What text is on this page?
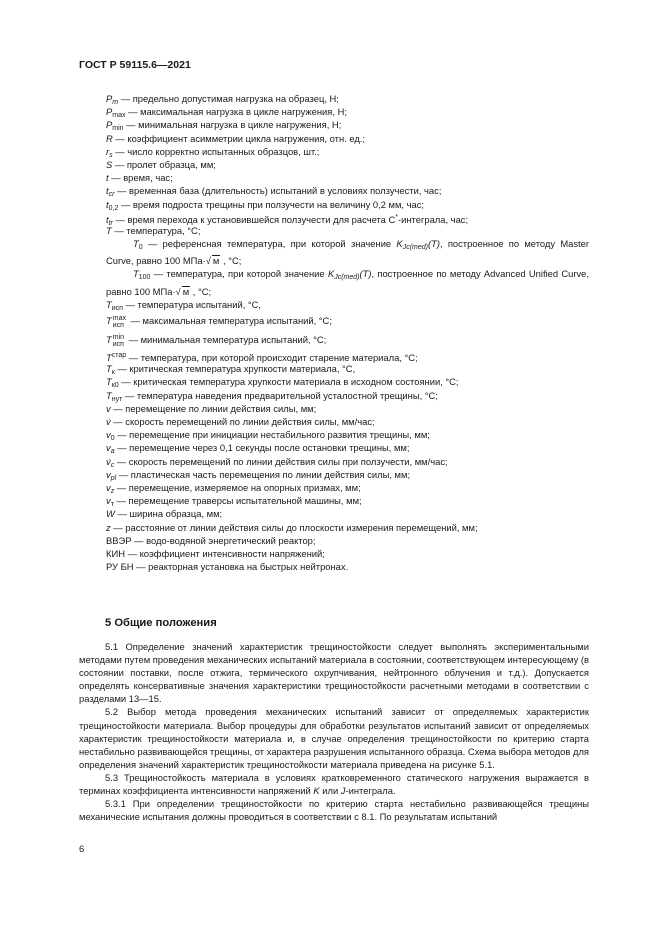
ГОСТ Р 59115.6—2021
$P_m$ — предельно допустимая нагрузка на образец, Н;
$P_{max}$ — максимальная нагрузка в цикле нагружения, Н;
$P_{min}$ — минимальная нагрузка в цикле нагружения, Н;
R — коэффициент асимметрии цикла нагружения, отн. ед.;
$r_s$ — число корректно испытанных образцов, шт.;
S — пролет образца, мм;
t — время, час;
$t_{cr}$ — временная база (длительность) испытаний в условиях ползучести, час;
$t_{0,2}$ — время подроста трещины при ползучести на величину 0,2 мм, час;
$t_{tr}$ — время перехода к установившейся ползучести для расчета С*-интеграла, час;
T — температура, °С;
$T_0$ — референсная температура, при которой значение $K_{Jc(med)}(T)$, построенное по методу Master Curve, равно 100 МПа·√ м , °С;
$T_{100}$ — температура, при которой значение $K_{Jc(med)}(T)$, построенное по методу Advanced Unified Curve, равно 100 МПа·√ м , °С;
$T_{исп}$ — температура испытаний, °С,
T max
исп — максимальная температура испытаний, °С;
T min
исп — минимальная температура испытаний, °С;
$T^{cтар}$ — температура, при которой происходит старение материала, °С;
$T_к$ — критическая температура хрупкости материала, °С,
$T_{к0}$ — критическая температура хрупкости материала в исходном состоянии, °С;
$T_{нут}$ — температура наведения предварительной усталостной трещины, °С;
v — перемещение по линии действия силы, мм;
v̇ — скорость перемещений по линии действия силы, мм/час;
$v_0$ — перемещение при инициации нестабильного развития трещины, мм;
$v_a$ — перемещение через 0,1 секунды после остановки трещины, мм;
$v̇_c$ — скорость перемещений по линии действия силы при ползучести, мм/час;
$v_{pl}$ — пластическая часть перемещения по линии действия силы, мм;
$v_z$ — перемещение, измеряемое на опорных призмах, мм;
$v_т$ — перемещение траверсы испытательной машины, мм;
W — ширина образца, мм;
z — расстояние от линии действия силы до плоскости измерения перемещений, мм;
ВВЭР — водо-водяной энергетический реактор;
КИН — коэффициент интенсивности напряжений;
РУ БН — реакторная установка на быстрых нейтронах.
5 Общие положения

5.1 Определение значений характеристик трещиностойкости следует выполнять экспериментальными методами путем проведения механических испытаний материала в состоянии, соответствующем интересующему (в состоянии поставки, после отжига, термического охрупчивания, нейтронного облучения и т.д.). Допускается определять консервативные значения характеристики трещиностойкости расчетными методами в соответствии с разделами 13—15.

5.2 Выбор метода проведения механических испытаний зависит от определяемых характеристик трещиностойкости материала. Выбор процедуры для обработки результатов испытаний зависит от определяемых характеристик трещиностойкости материала и, в случае определения трещиностойкости по критерию старта нестабильно развивающейся трещины, от характера разрушения испытанного образца. Схема выбора методов для определения значений характеристик трещиностойкости материала приведена на рисунке 5.1.

5.3 Трещиностойкость материала в условиях кратковременного статического нагружения выражается в терминах коэффициента интенсивности напряжений K или J-интеграла.

5.3.1 При определении трещиностойкости по критерию старта нестабильно развивающейся трещины механические испытания должны проводиться в соответствии с 8.1. По результатам испытаний

6
